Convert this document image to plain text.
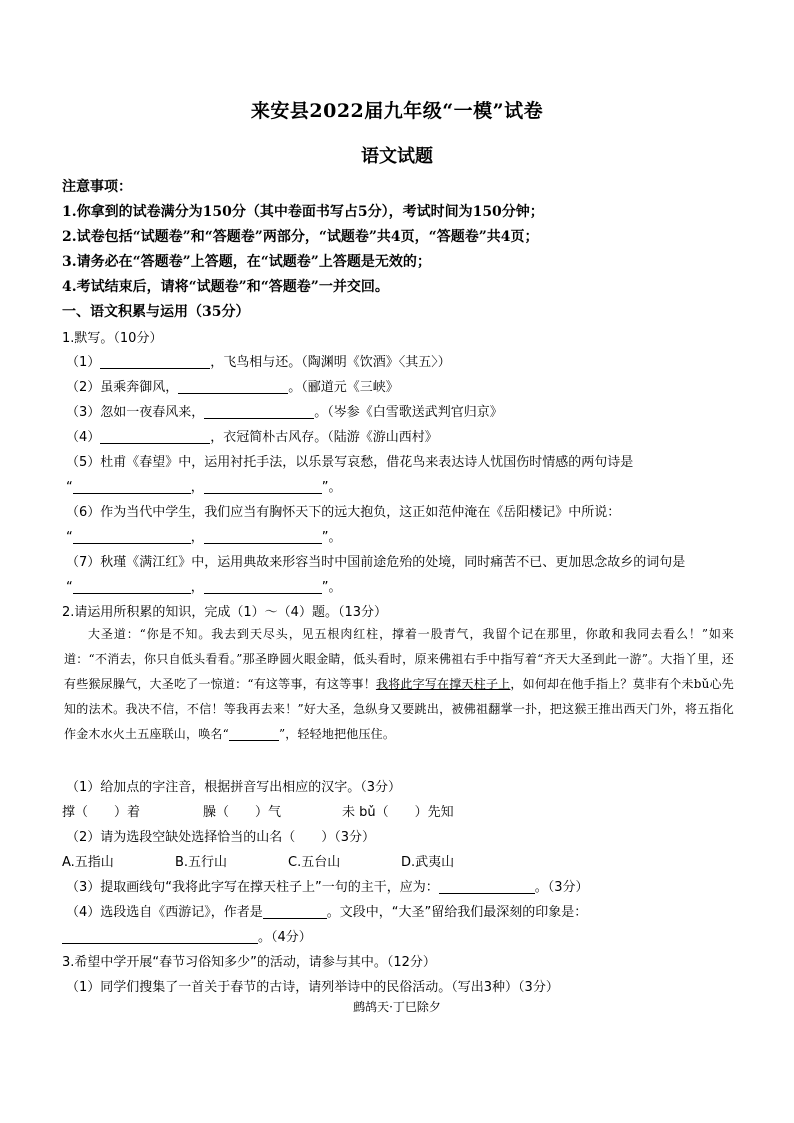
来安县2022届九年级“一模”试卷
语文试题
注意事项：
1.你拿到的试卷满分为150分（其中卷面书写占5分），考试时间为150分钟；
2.试卷包括“试题卷”和“答题卷”两部分，“试题卷”共4页，“答题卷”共4页；
3.请务必在“答题卷”上答题，在“试题卷”上答题是无效的；
4.考试结束后，请将“试题卷”和“答题卷”一并交回。
一、语文积累与运用（35分）
1.默写。（10分）
（1）	，飞鸟相与还。（陶渊明《饮酒》〈其五〉）
（2）虽乘奔御风，	。（郦道元《三峡》
（3）忽如一夜春风来，	。（岑参《白雪歌送武判官归京》
（4）	，衣冠简朴古风存。（陆游《游山西村》
（5）杜甫《春望》中，运用衬托手法，以乐景写哀愁，借花鸟来表达诗人忧国伤时情感的两句诗是
“	，	”。
（6）作为当代中学生，我们应当有胸怀天下的远大抱负，这正如范仲淹在《岳阳楼记》中所说：
“	，	”。
（7）秋瑾《满江红》中，运用典故来形容当时中国前途危殆的处境，同时痛苦不已、更加思念故乡的词句是
“	，	”。
2.请运用所积累的知识，完成（1）～（4）题。（13分）

大圣道：“你是不知。我去到天尽头，见五根肉红柱，撑着一股青气，我留个记在那里，你敢和我同去看么！”如来道：“不消去，你只自低头看看。”那圣睁圆火眼金睛，低头看时，原来佛祖右手中指写着“齐天大圣到此一游”。大指丫里，还有些猴尿臊气，大圣吃了一惊道：“有这等事，有这等事！我将此字写在撑天柱子上，如何却在他手指上？莫非有个未bǔ心先知的法术。我决不信，不信！等我再去来！”好大圣，急纵身又要跳出，被佛祖翻掌一扑，把这猴王推出西天门外，将五指化作金木水火土五座联山，唤名“	”，轻轻地把他压住。

（1）给加点的字注音，根据拼音写出相应的汉字。（3分）
撑（　　）着	臊（　　）气	未 bǔ（　　）先知
（2）请为选段空缺处选择恰当的山名（　　）（3分）
A.五指山	B.五行山	C.五台山	D.武夷山
（3）提取画线句“我将此字写在撑天柱子上”一句的主干，应为：	。（3分）
（4）选段选自《西游记》，作者是	。文段中，“大圣”留给我们最深刻的印象是：
。（4分）
3.希望中学开展“春节习俗知多少”的活动，请参与其中。（12分）
（1）同学们搜集了一首关于春节的古诗，请列举诗中的民俗活动。（写出3种）（3分）
鹧鸪天·丁巳除夕
